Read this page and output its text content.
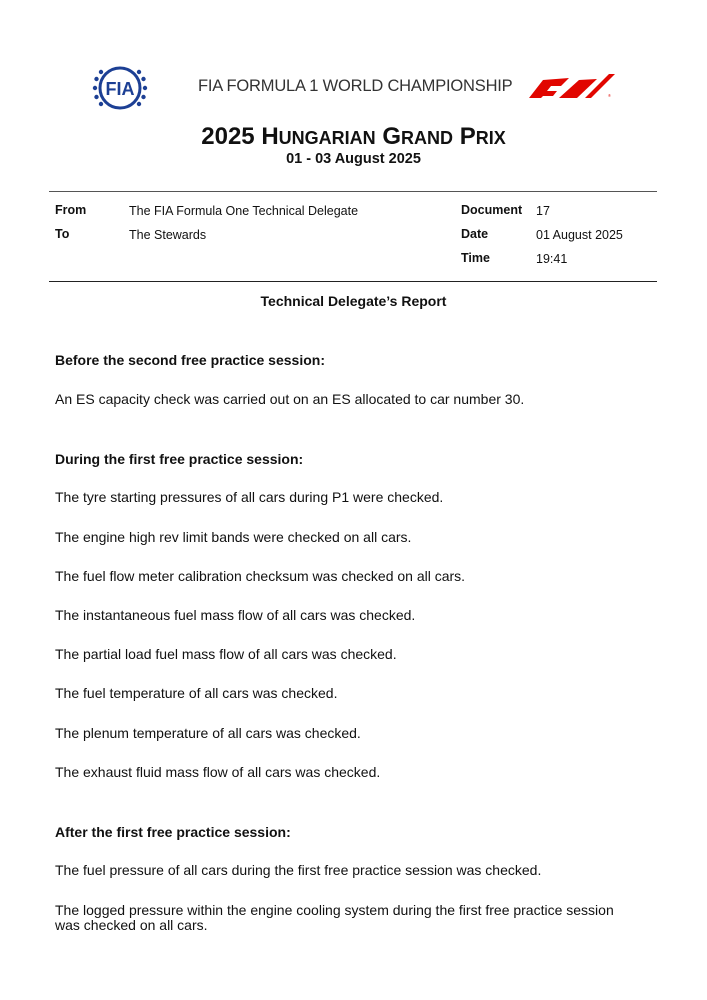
FIA	FIA FORMULA 1 WORLD CHAMPIONSHIP
®
2025 HUNGARIAN GRAND PRIX
01 - 03 August 2025
From	The FIA Formula One Technical Delegate
To	The Stewards
Document 17
Date	01 August 2025
Time	19:41
Technical Delegate’s Report
Before the second free practice session:
An ES capacity check was carried out on an ES allocated to car number 30.
During the first free practice session:
The tyre starting pressures of all cars during P1 were checked.
The engine high rev limit bands were checked on all cars.
The fuel flow meter calibration checksum was checked on all cars.
The instantaneous fuel mass flow of all cars was checked.
The partial load fuel mass flow of all cars was checked.
The fuel temperature of all cars was checked.
The plenum temperature of all cars was checked.
The exhaust fluid mass flow of all cars was checked.
After the first free practice session:
The fuel pressure of all cars during the first free practice session was checked.
The logged pressure within the engine cooling system during the first free practice session was checked on all cars.
